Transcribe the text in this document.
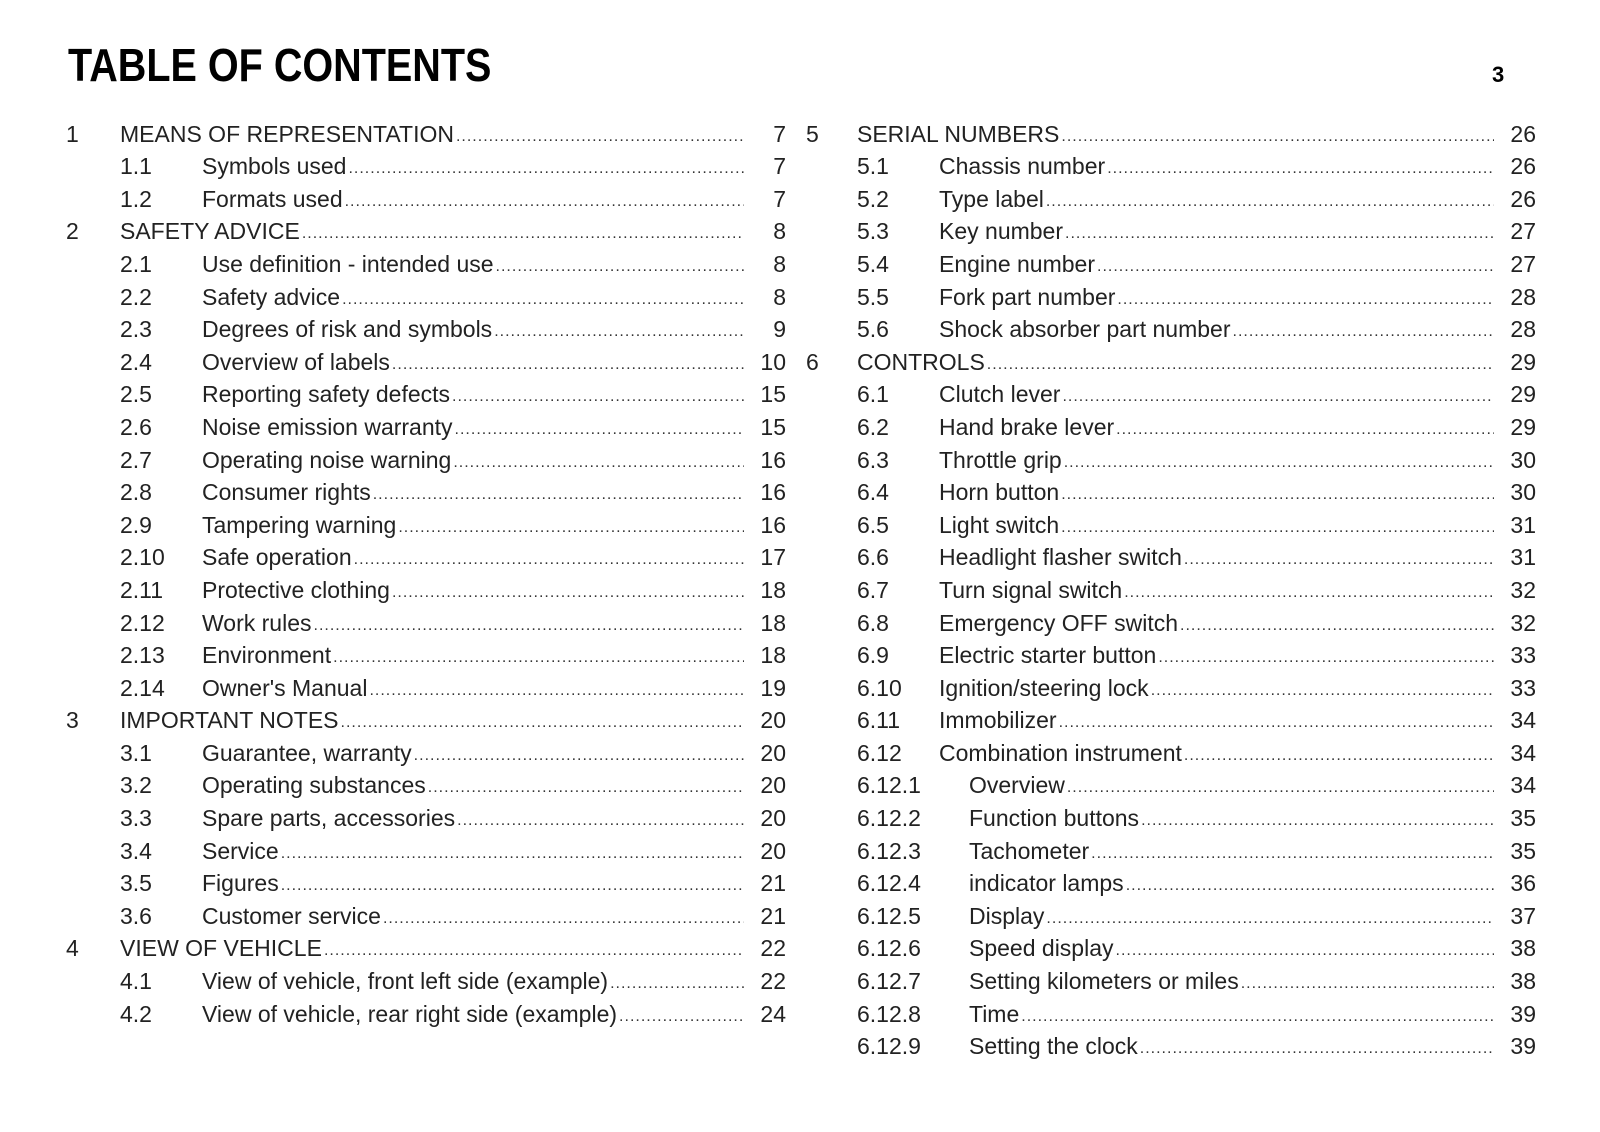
TABLE OF CONTENTS	3
1	MEANS OF REPRESENTATION .....	7
1.1	Symbols used .....	7
1.2	Formats used .....	7
2	SAFETY ADVICE .....	8
2.1	Use definition - intended use .....	8
2.2	Safety advice .....	8
2.3	Degrees of risk and symbols .....	9
2.4	Overview of labels .....	10
2.5	Reporting safety defects .....	15
2.6	Noise emission warranty .....	15
2.7	Operating noise warning .....	16
2.8	Consumer rights .....	16
2.9	Tampering warning .....	16
2.10	Safe operation .....	17
2.11	Protective clothing .....	18
2.12	Work rules .....	18
2.13	Environment .....	18
2.14	Owner's Manual .....	19
3	IMPORTANT NOTES .....	20
3.1	Guarantee, warranty .....	20
3.2	Operating substances .....	20
3.3	Spare parts, accessories .....	20
3.4	Service .....	20
3.5	Figures .....	21
3.6	Customer service .....	21
4	VIEW OF VEHICLE .....	22
4.1	View of vehicle, front left side (example) .....	22
4.2	View of vehicle, rear right side (example) .....	24
5	SERIAL NUMBERS .....	26
5.1	Chassis number .....	26
5.2	Type label .....	26
5.3	Key number .....	27
5.4	Engine number .....	27
5.5	Fork part number .....	28
5.6	Shock absorber part number .....	28
6	CONTROLS .....	29
6.1	Clutch lever .....	29
6.2	Hand brake lever .....	29
6.3	Throttle grip .....	30
6.4	Horn button .....	30
6.5	Light switch .....	31
6.6	Headlight flasher switch .....	31
6.7	Turn signal switch .....	32
6.8	Emergency OFF switch .....	32
6.9	Electric starter button .....	33
6.10	Ignition/steering lock .....	33
6.11	Immobilizer .....	34
6.12	Combination instrument .....	34
6.12.1	Overview .....	34
6.12.2	Function buttons .....	35
6.12.3	Tachometer .....	35
6.12.4	indicator lamps .....	36
6.12.5	Display .....	37
6.12.6	Speed display .....	38
6.12.7	Setting kilometers or miles .....	38
6.12.8	Time .....	39
6.12.9	Setting the clock .....	39
